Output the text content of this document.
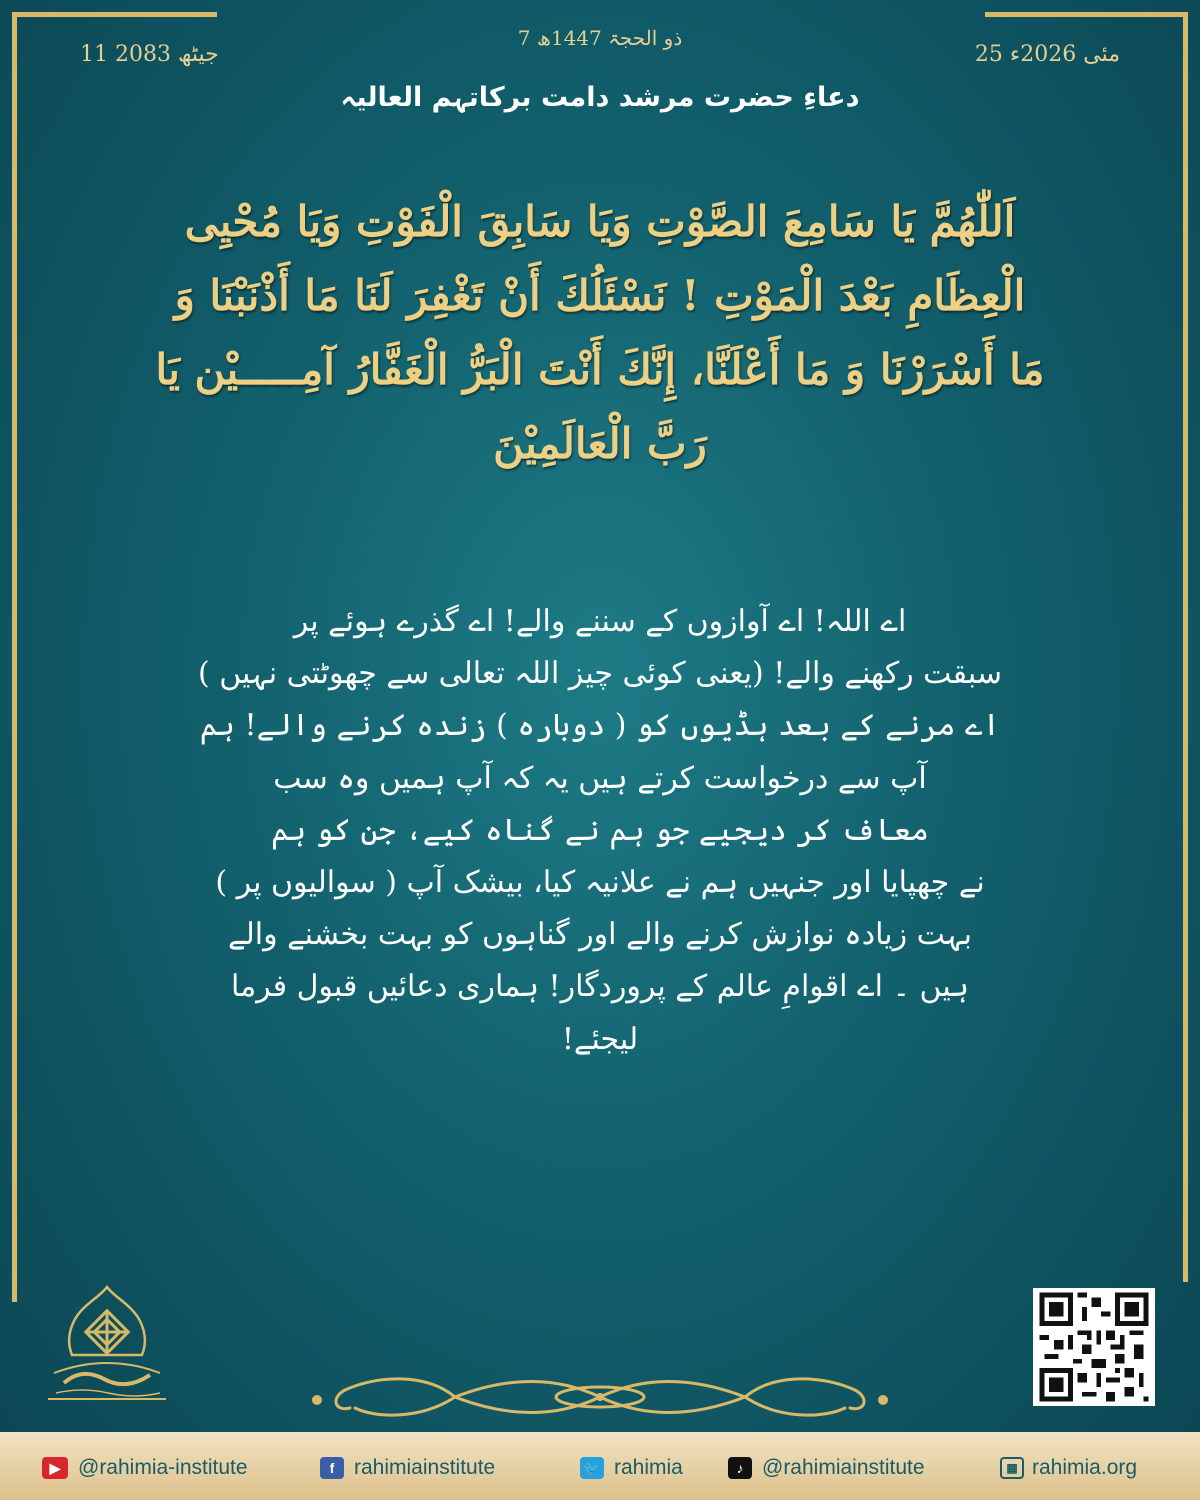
11 جیٹھ 2083
7 ذو الحجۃ 1447ھ
25 مئی 2026ء
دعاءِ حضرت مرشد دامت برکاتہم العالیہ
اَللّٰھُمَّ یَا سَامِعَ الصَّوْتِ وَیَا سَابِقَ الْفَوْتِ وَیَا مُحْیِی
الْعِظَامِ بَعْدَ الْمَوْتِ ! نَسْئَلُكَ أَنْ تَغْفِرَ لَنَا مَا أَذْنَبْنَا وَ
مَا أَسْرَرْنَا وَ مَا أَعْلَنَّا، إِنَّكَ أَنْتَ الْبَرُّ الْغَفَّارُ آمِـــــیْن یَا
رَبَّ الْعَالَمِیْنَ
اے اللہ! اے آوازوں کے سننے والے! اے گذرے ہوئے پر
سبقت رکھنے والے! (یعنی کوئی چیز اللہ تعالی سے چھوٹتی نہیں )
اے مرنے کے بعد ہڈیوں کو ( دوبارہ ) زندہ کرنے والے! ہم
آپ سے درخواست کرتے ہیں یہ کہ آپ ہمیں وہ سب
معاف کر دیجیے جو ہم نے گناہ کیے، جن کو ہم
نے چھپایا اور جنہیں ہم نے علانیہ کیا، بیشک آپ ( سوالیوں پر )
بہت زیادہ نوازش کرنے والے اور گناہوں کو بہت بخشنے والے
ہیں ۔ اے اقوامِ عالم کے پروردگار! ہماری دعائیں قبول فرما
لیجئے!
▶ @rahimia-institute	f rahimiainstitute	🐦 rahimia	♪ @rahimiainstitute	▦ rahimia.org
